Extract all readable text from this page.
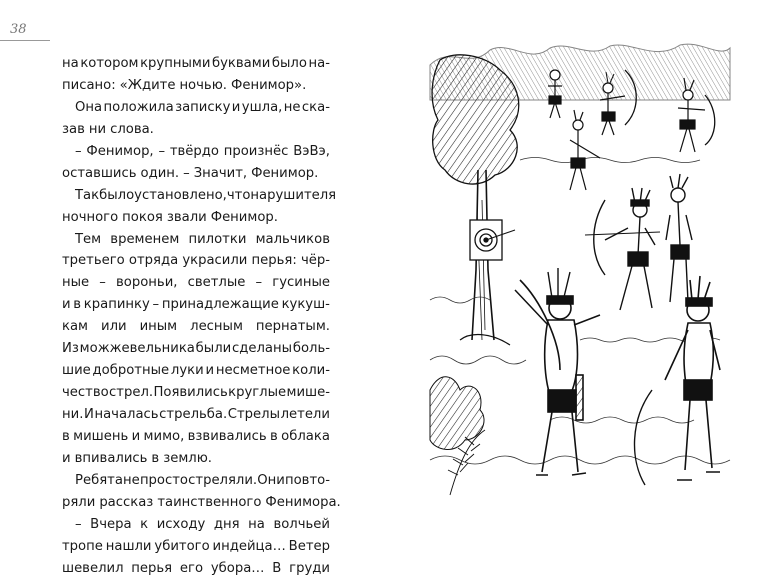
38
на котором крупными буквами было на-
писано: «Ждите ночью. Фенимор».
Она положила записку и ушла, не ска-
зав ни слова.
– Фенимор, – твёрдо произнёс ВэВэ,
оставшись один. – Значит, Фенимор.
Так было установлено, что нарушителя
ночного покоя звали Фенимор.
Тем временем пилотки мальчиков
третьего отряда украсили перья: чёр-
ные – вороньи, светлые – гусиные
и в крапинку – принадлежащие кукуш-
кам или иным лесным пернатым.
Из можжевельника были сделаны боль-
шие добротные луки и несметное коли-
чество стрел. Появились круглые мише-
ни. И началась стрельба. Стрелы летели
в мишень и мимо, взвивались в облака
и впивались в землю.
Ребята не просто стреляли. Они повто-
ряли рассказ таинственного Фенимора.
– Вчера к исходу дня на волчьей
тропе нашли убитого индейца… Ветер
шевелил перья его убора… В груди
